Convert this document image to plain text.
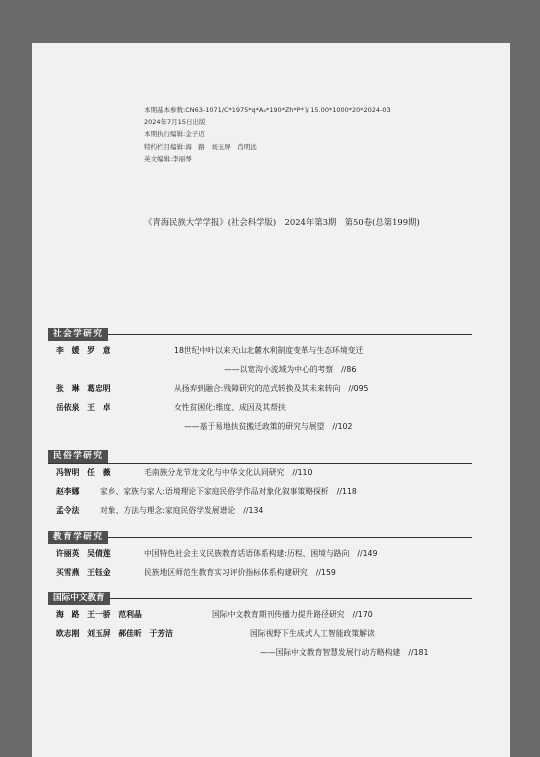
本期基本参数:CN63-1071/C*1975*q*A₄*190*Zh*P*￥15.00*1000*20*2024-03
2024年7月15日出版
本期执行编辑:金子迈
特约栏目编辑:海　路　刘玉屏　肖明远
英文编辑:李丽琴
《青海民族大学学报》(社会科学版)　2024年第3期　第50卷(总第199期)
社会学研究
李　媛　罗　意	18世纪中叶以来天山北麓水利制度变革与生态环境变迁
——以宽沟小流域为中心的考察 //86
张　琳　葛忠明	从扬弃到融合:残障研究的范式转换及其未来转向 //095
岳依泉　王　卓	女性贫困化:维度、成因及其帮扶
——基于易地扶贫搬迁政策的研究与展望 //102
民俗学研究
冯智明　任　薇	毛南族分龙节龙文化与中华文化认同研究 //110
赵李娜	家乡、家族与家人:语境理论下家庭民俗学作品对象化叙事策略探析 //118
孟令法	对象、方法与理念:家庭民俗学发展谱论 //134
教育学研究
许丽英　吴倩莲	中国特色社会主义民族教育话语体系构建:历程、困境与路向 //149
买雪燕　王钰金	民族地区师范生教育实习评价指标体系构建研究 //159
国际中文教育
海　路　王一骄　范利晶	国际中文教育期刊传播力提升路径研究 //170
欧志刚　刘玉屏　郝佳昕　于芳洁	国际视野下生成式人工智能政策解读
——国际中文教育智慧发展行动方略构建 //181
